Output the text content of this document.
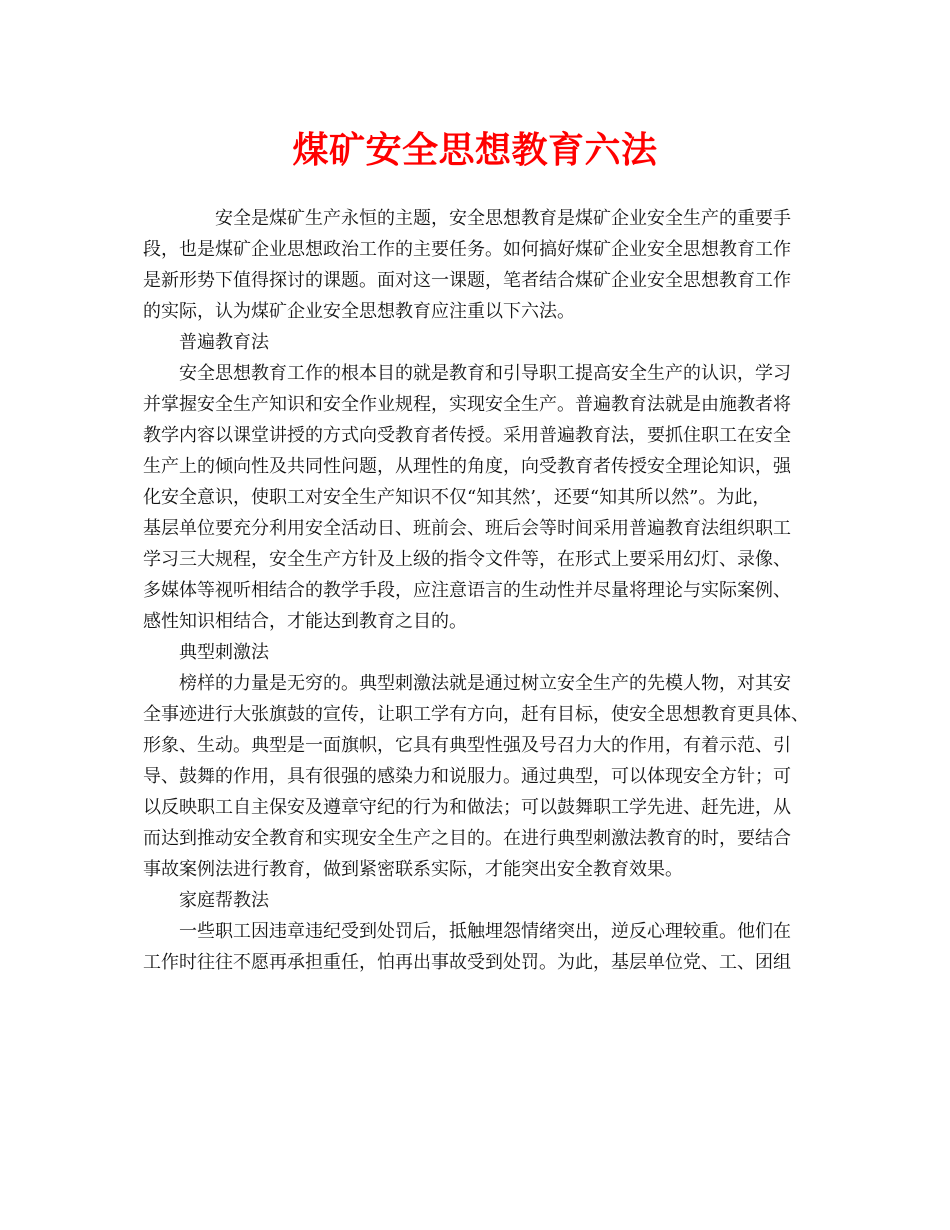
煤矿安全思想教育六法

安全是煤矿生产永恒的主题，安全思想教育是煤矿企业安全生产的重要手
段，也是煤矿企业思想政治工作的主要任务。如何搞好煤矿企业安全思想教育工作
是新形势下值得探讨的课题。面对这一课题，笔者结合煤矿企业安全思想教育工作
的实际，认为煤矿企业安全思想教育应注重以下六法。

普遍教育法

安全思想教育工作的根本目的就是教育和引导职工提高安全生产的认识，学习
并掌握安全生产知识和安全作业规程，实现安全生产。普遍教育法就是由施教者将
教学内容以课堂讲授的方式向受教育者传授。采用普遍教育法，要抓住职工在安全
生产上的倾向性及共同性问题，从理性的角度，向受教育者传授安全理论知识，强
化安全意识，使职工对安全生产知识不仅“知其然’，还要“知其所以然”。为此，
基层单位要充分利用安全活动日、班前会、班后会等时间采用普遍教育法组织职工
学习三大规程，安全生产方针及上级的指令文件等，在形式上要采用幻灯、录像、
多媒体等视听相结合的教学手段，应注意语言的生动性并尽量将理论与实际案例、
感性知识相结合，才能达到教育之目的。

典型刺激法

榜样的力量是无穷的。典型刺激法就是通过树立安全生产的先模人物，对其安
全事迹进行大张旗鼓的宣传，让职工学有方向，赶有目标，使安全思想教育更具体、
形象、生动。典型是一面旗帜，它具有典型性强及号召力大的作用，有着示范、引
导、鼓舞的作用，具有很强的感染力和说服力。通过典型，可以体现安全方针；可
以反映职工自主保安及遵章守纪的行为和做法；可以鼓舞职工学先进、赶先进，从
而达到推动安全教育和实现安全生产之目的。在进行典型刺激法教育的时，要结合
事故案例法进行教育，做到紧密联系实际，才能突出安全教育效果。

家庭帮教法

一些职工因违章违纪受到处罚后，抵触埋怨情绪突出，逆反心理较重。他们在
工作时往往不愿再承担重任，怕再出事故受到处罚。为此，基层单位党、工、团组
